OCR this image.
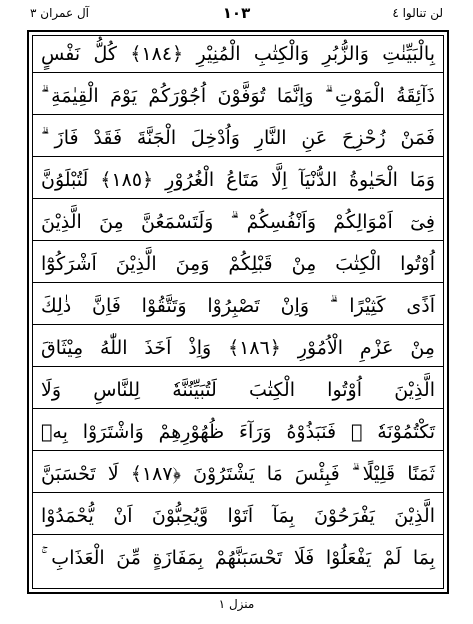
آل عمران ٣	١٠٣	لن تنالوا ٤
بِالْبَيِّنٰتِ وَالزُّبُرِ وَالْكِتٰبِ الْمُنِيْرِ ﴿١٨٤﴾ كُلُّ نَفْسٍ
ذَآئِقَةُ الْمَوْتِ ۗ وَاِنَّمَا تُوَفَّوْنَ اُجُوْرَكُمْ يَوْمَ الْقِيٰمَةِ ۗ
فَمَنْ زُحْزِحَ عَنِ النَّارِ وَاُدْخِلَ الْجَنَّةَ فَقَدْ فَازَ ۗ
وَمَا الْحَيٰوةُ الدُّنْيَآ اِلَّا مَتَاعُ الْغُرُوْرِ ﴿١٨٥﴾ لَتُبْلَوُنَّ
فِىٓ اَمْوَالِكُمْ وَاَنْفُسِكُمْ ۗ وَلَتَسْمَعُنَّ مِنَ الَّذِيْنَ
اُوْتُوا الْكِتٰبَ مِنْ قَبْلِكُمْ وَمِنَ الَّذِيْنَ اَشْرَكُوْٓا
اَذًى كَثِيْرًا ۗ وَاِنْ تَصْبِرُوْا وَتَتَّقُوْا فَاِنَّ ذٰلِكَ
مِنْ عَزْمِ الْاُمُوْرِ ﴿١٨٦﴾ وَاِذْ اَخَذَ اللّٰهُ مِيْثَاقَ
الَّذِيْنَ اُوْتُوا الْكِتٰبَ لَتُبَيِّنُنَّهٗ لِلنَّاسِ وَلَا
تَكْتُمُوْنَهٗ ۫ فَنَبَذُوْهُ وَرَآءَ ظُهُوْرِهِمْ وَاشْتَرَوْا بِهٖ
ثَمَنًا قَلِيْلًا ۗ فَبِئْسَ مَا يَشْتَرُوْنَ ﴿١٨٧﴾ لَا تَحْسَبَنَّ
الَّذِيْنَ يَفْرَحُوْنَ بِمَآ اَتَوْا وَّيُحِبُّوْنَ اَنْ يُّحْمَدُوْا
بِمَا لَمْ يَفْعَلُوْا فَلَا تَحْسَبَنَّهُمْ بِمَفَازَةٍ مِّنَ الْعَذَابِ ۚ
منزل ١
